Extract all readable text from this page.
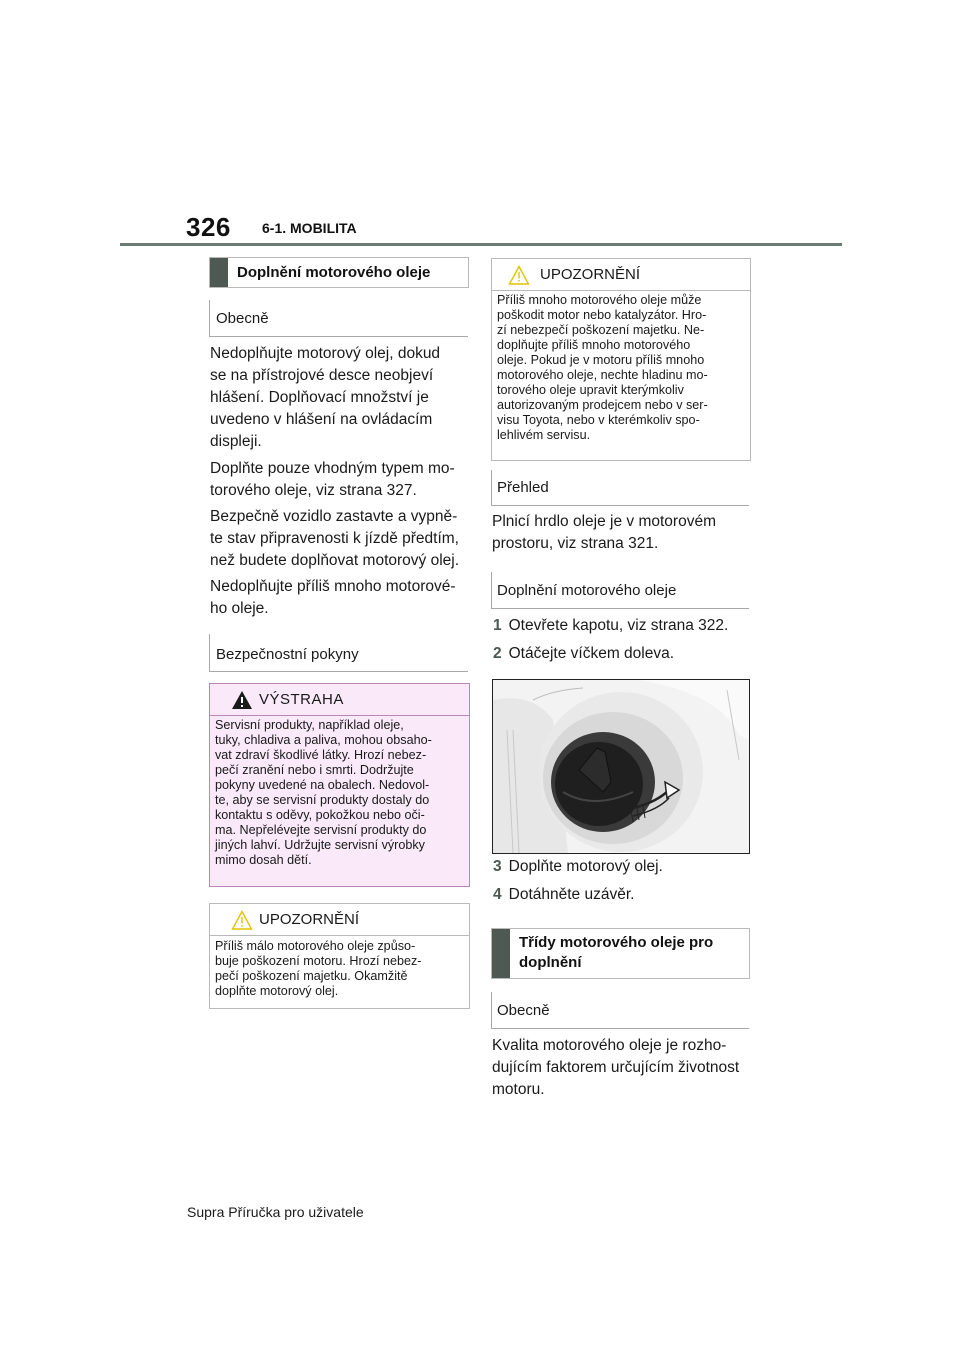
326 6-1. MOBILITA
Doplnění motorového oleje
Obecně
Nedoplňujte motorový olej, dokud
se na přístrojové desce neobjeví
hlášení. Doplňovací množství je
uvedeno v hlášení na ovládacím
displeji.
Doplňte pouze vhodným typem mo-
torového oleje, viz strana 327.
Bezpečně vozidlo zastavte a vypně-
te stav připravenosti k jízdě předtím,
než budete doplňovat motorový olej.
Nedoplňujte příliš mnoho motorové-
ho oleje.
Bezpečnostní pokyny
VÝSTRAHA
Servisní produkty, například oleje,
tuky, chladiva a paliva, mohou obsaho-
vat zdraví škodlivé látky. Hrozí nebez-
pečí zranění nebo i smrti. Dodržujte
pokyny uvedené na obalech. Nedovol-
te, aby se servisní produkty dostaly do
kontaktu s oděvy, pokožkou nebo oči-
ma. Nepřelévejte servisní produkty do
jiných lahví. Udržujte servisní výrobky
mimo dosah dětí.
UPOZORNĚNÍ
Příliš málo motorového oleje způso-
buje poškození motoru. Hrozí nebez-
pečí poškození majetku. Okamžitě
doplňte motorový olej.
UPOZORNĚNÍ
Příliš mnoho motorového oleje může
poškodit motor nebo katalyzátor. Hro-
zí nebezpečí poškození majetku. Ne-
doplňujte příliš mnoho motorového
oleje. Pokud je v motoru příliš mnoho
motorového oleje, nechte hladinu mo-
torového oleje upravit kterýmkoliv
autorizovaným prodejcem nebo v ser-
visu Toyota, nebo v kterémkoliv spo-
lehlivém servisu.
Přehled
Plnicí hrdlo oleje je v motorovém
prostoru, viz strana 321.
Doplnění motorového oleje
1 Otevřete kapotu, viz strana 322.
2 Otáčejte víčkem doleva.
3 Doplňte motorový olej.
4 Dotáhněte uzávěr.
Třídy motorového oleje pro
doplnění
Obecně
Kvalita motorového oleje je rozho-
dujícím faktorem určujícím životnost
motoru.
Supra Příručka pro uživatele
